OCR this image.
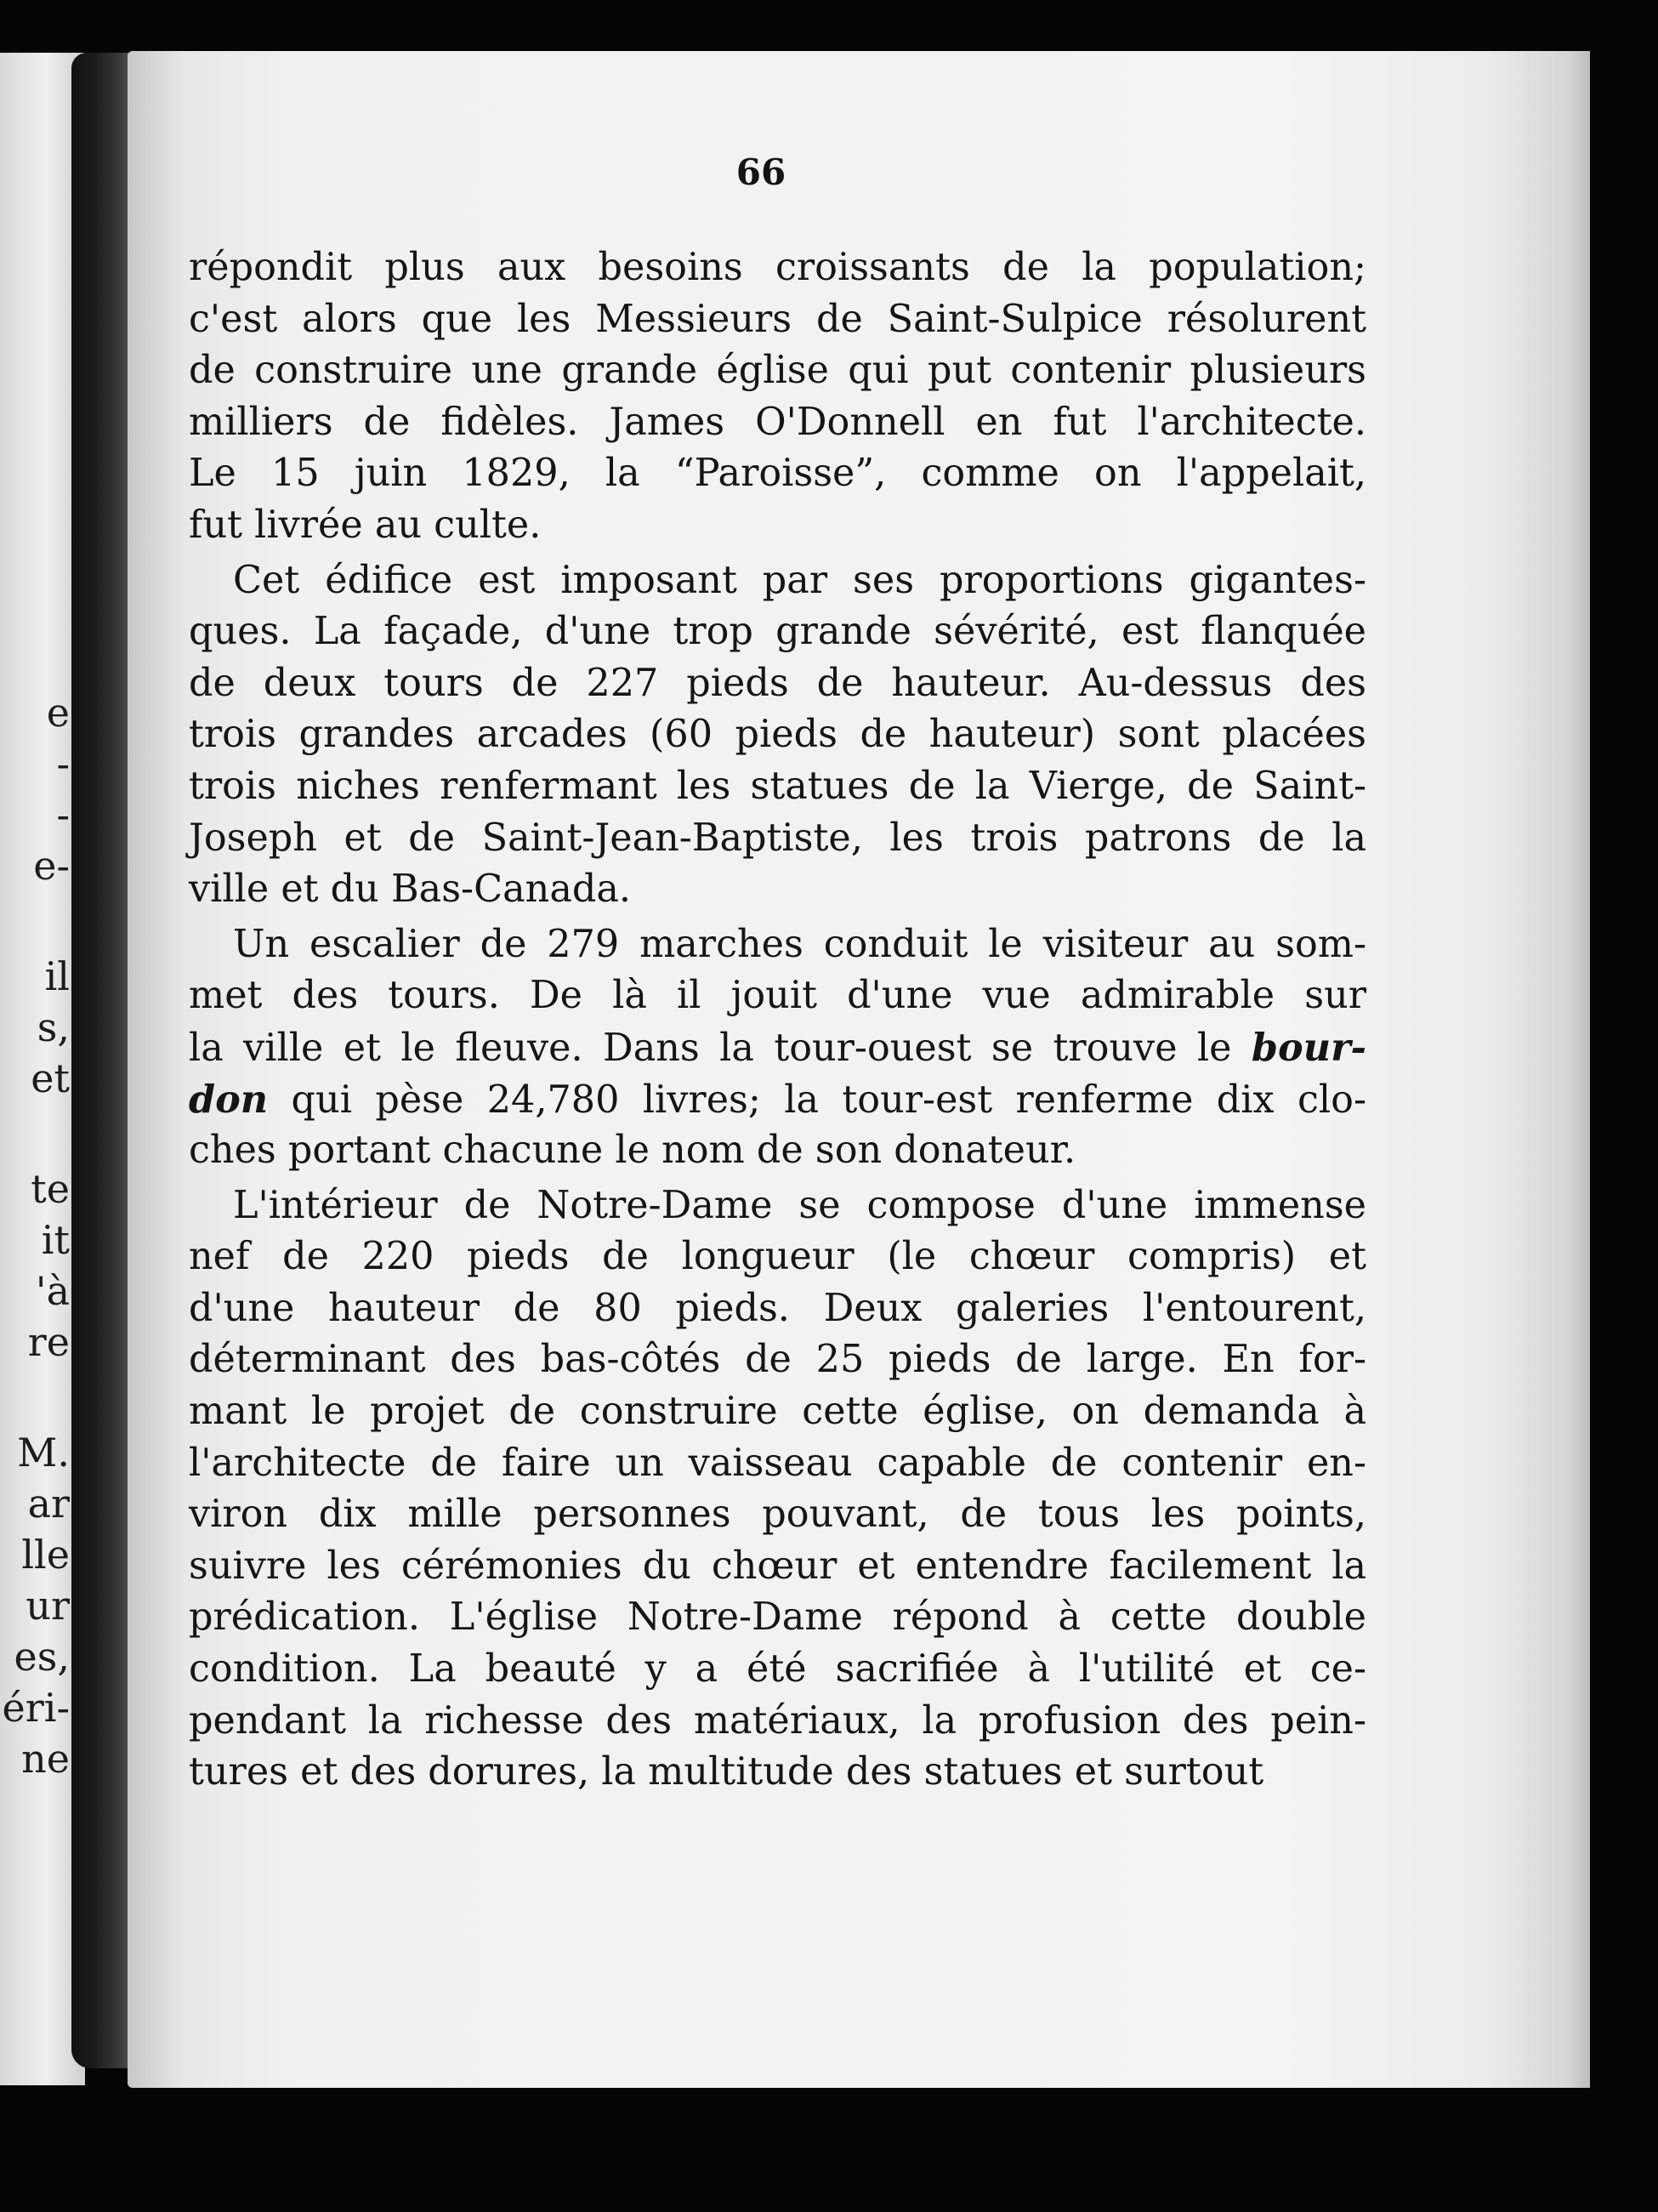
e
-
-
e-
il
s,
et
te
it
'à
re
M.
ar
lle
ur
es,
éri-
ne
66
répondit plus aux besoins croissants de la population;
c'est alors que les Messieurs de Saint-Sulpice résolurent
de construire une grande église qui put contenir plusieurs
milliers de fidèles. James O'Donnell en fut l'architecte.
Le 15 juin 1829, la “Paroisse”, comme on l'appelait,
fut livrée au culte.
Cet édifice est imposant par ses proportions gigantes-
ques. La façade, d'une trop grande sévérité, est flanquée
de deux tours de 227 pieds de hauteur. Au-dessus des
trois grandes arcades (60 pieds de hauteur) sont placées
trois niches renfermant les statues de la Vierge, de Saint-
Joseph et de Saint-Jean-Baptiste, les trois patrons de la
ville et du Bas-Canada.
Un escalier de 279 marches conduit le visiteur au som-
met des tours. De là il jouit d'une vue admirable sur
la ville et le fleuve. Dans la tour-ouest se trouve le bour-
don qui pèse 24,780 livres; la tour-est renferme dix clo-
ches portant chacune le nom de son donateur.
L'intérieur de Notre-Dame se compose d'une immense
nef de 220 pieds de longueur (le chœur compris) et
d'une hauteur de 80 pieds. Deux galeries l'entourent,
déterminant des bas-côtés de 25 pieds de large. En for-
mant le projet de construire cette église, on demanda à
l'architecte de faire un vaisseau capable de contenir en-
viron dix mille personnes pouvant, de tous les points,
suivre les cérémonies du chœur et entendre facilement la
prédication. L'église Notre-Dame répond à cette double
condition. La beauté y a été sacrifiée à l'utilité et ce-
pendant la richesse des matériaux, la profusion des pein-
tures et des dorures, la multitude des statues et surtout
